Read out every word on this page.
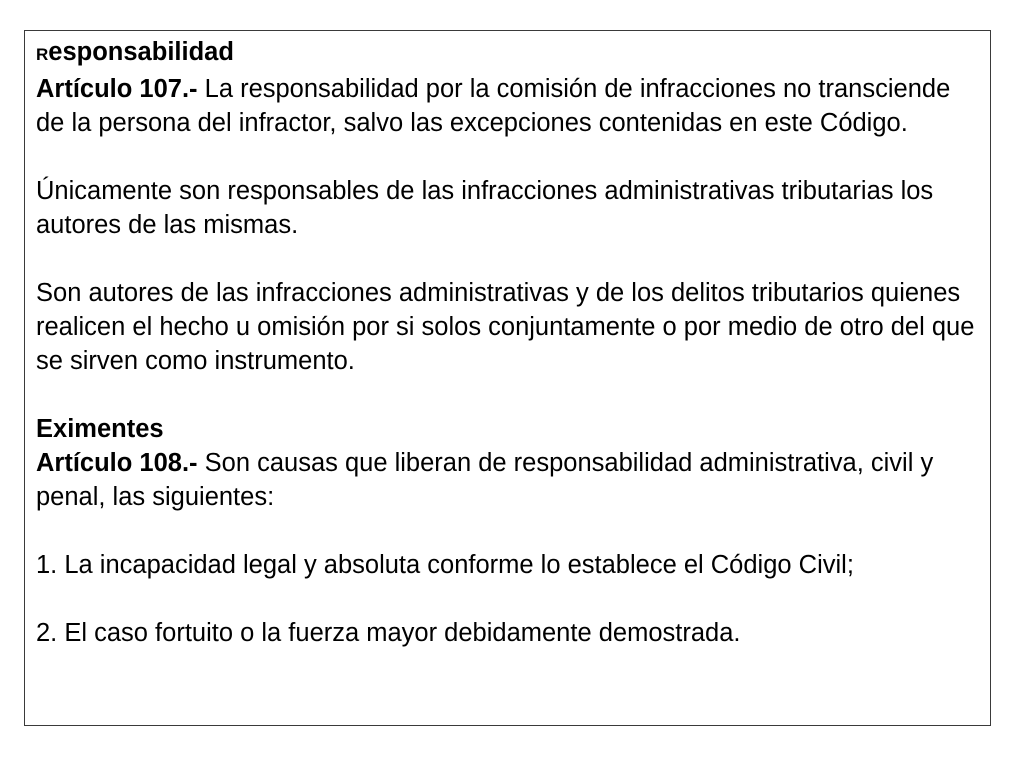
Responsabilidad

Artículo 107.- La responsabilidad por la comisión de infracciones no transciende de la persona del infractor, salvo las excepciones contenidas en este Código.

Únicamente son responsables de las infracciones administrativas tributarias los autores de las mismas.

Son autores de las infracciones administrativas y de los delitos tributarios quienes realicen el hecho u omisión por si solos conjuntamente o por medio de otro del que se sirven como instrumento.

Eximentes

Artículo 108.- Son causas que liberan de responsabilidad administrativa, civil y penal, las siguientes:

1. La incapacidad legal y absoluta conforme lo establece el Código Civil;

2. El caso fortuito o la fuerza mayor debidamente demostrada.
